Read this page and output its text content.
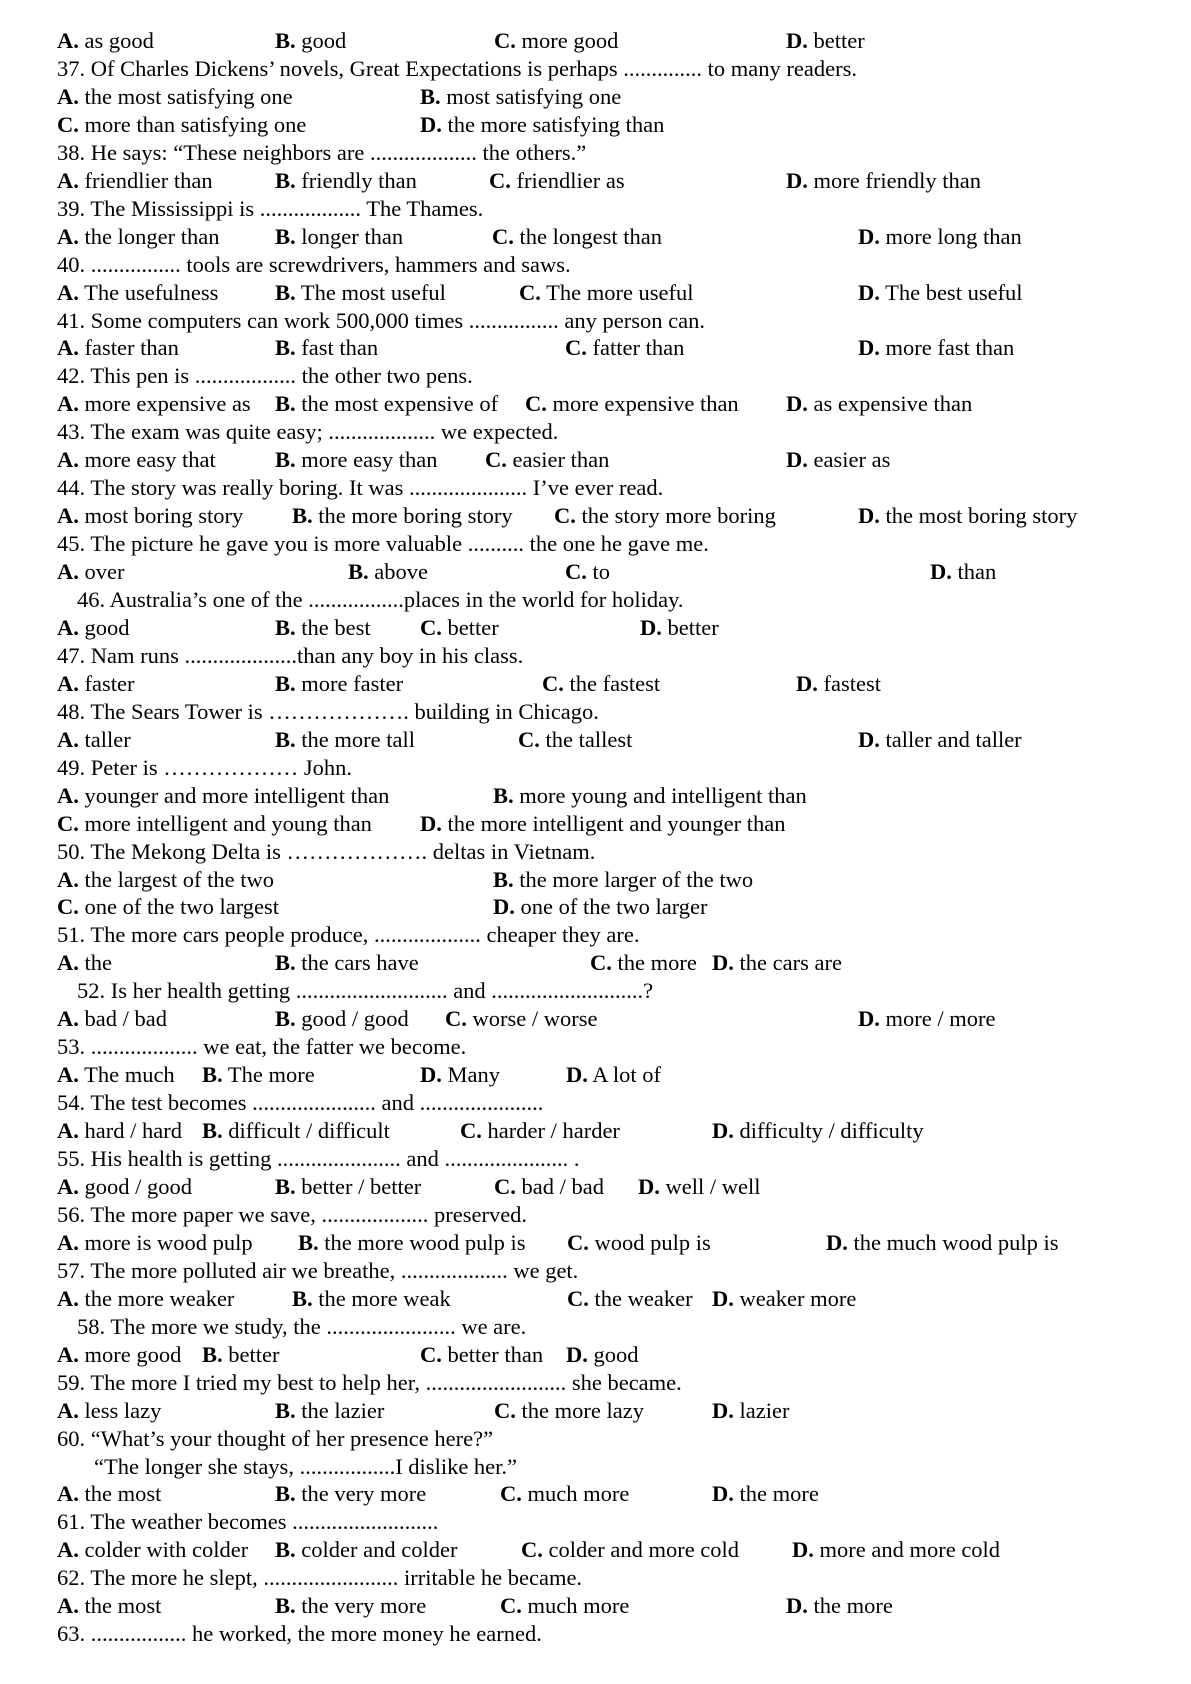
A. as good	B. good	C. more good	D. better
37. Of Charles Dickens’ novels, Great Expectations is perhaps .............. to many readers.
A. the most satisfying one	B. most satisfying one
C. more than satisfying one	D. the more satisfying than
38. He says: “These neighbors are ................... the others.”
A. friendlier than	B. friendly than	C. friendlier as	D. more friendly than
39. The Mississippi is .................. The Thames.
A. the longer than B. longer than	C. the longest than	D. more long than
40. ................ tools are screwdrivers, hammers and saws.
A. The usefulness	B. The most useful	C. The more useful	D. The best useful
41. Some computers can work 500,000 times ................ any person can.
A. faster than	B. fast than	C. fatter than	D. more fast than
42. This pen is .................. the other two pens.
A. more expensive as B. the most expensive of C. more expensive than D. as expensive than
43. The exam was quite easy; ................... we expected.
A. more easy that	B. more easy than C. easier than	D. easier as
44. The story was really boring. It was ..................... I’ve ever read.
A. most boring story B. the more boring story C. the story more boring	D. the most boring story
45. The picture he gave you is more valuable .......... the one he gave me.
A. over	B. above	C. to	D. than
46. Australia’s one of the .................places in the world for holiday.
A. good	B. the best C. better	D. better
47. Nam runs ....................than any boy in his class.
A. faster	B. more faster	C. the fastest	D. fastest
48. The Sears Tower is ………………. building in Chicago.
A. taller	B. the more tall	C. the tallest	D. taller and taller
49. Peter is ……………… John.
A. younger and more intelligent than	B. more young and intelligent than
C. more intelligent and young than D. the more intelligent and younger than
50. The Mekong Delta is ………………. deltas in Vietnam.
A. the largest of the two	B. the more larger of the two
C. one of the two largest	D. one of the two larger
51. The more cars people produce, ................... cheaper they are.
A. the	B. the cars have	C. the more D. the cars are
52. Is her health getting ........................... and ...........................?
A. bad / bad	B. good / good C. worse / worse	D. more / more
53. ................... we eat, the fatter we become.
A. The much B. The more	D. Many	D. A lot of
54. The test becomes ...................... and ......................
A. hard / hard B. difficult / difficult	C. harder / harder	D. difficulty / difficulty
55. His health is getting ...................... and ...................... .
A. good / good	B. better / better	C. bad / bad D. well / well
56. The more paper we save, ................... preserved.
A. more is wood pulp B. the more wood pulp is C. wood pulp is	D. the much wood pulp is
57. The more polluted air we breathe, ................... we get.
A. the more weaker	B. the more weak	C. the weaker D. weaker more
58. The more we study, the ....................... we are.
A. more good B. better	C. better than D. good
59. The more I tried my best to help her, ......................... she became.
A. less lazy	B. the lazier	C. the more lazy	D. lazier
60. “What’s your thought of her presence here?”
“The longer she stays, .................I dislike her.”
A. the most	B. the very more	C. much more	D. the more
61. The weather becomes ..........................
A. colder with colder B. colder and colder	C. colder and more cold D. more and more cold
62. The more he slept, ........................ irritable he became.
A. the most	B. the very more	C. much more	D. the more
63. ................. he worked, the more money he earned.
